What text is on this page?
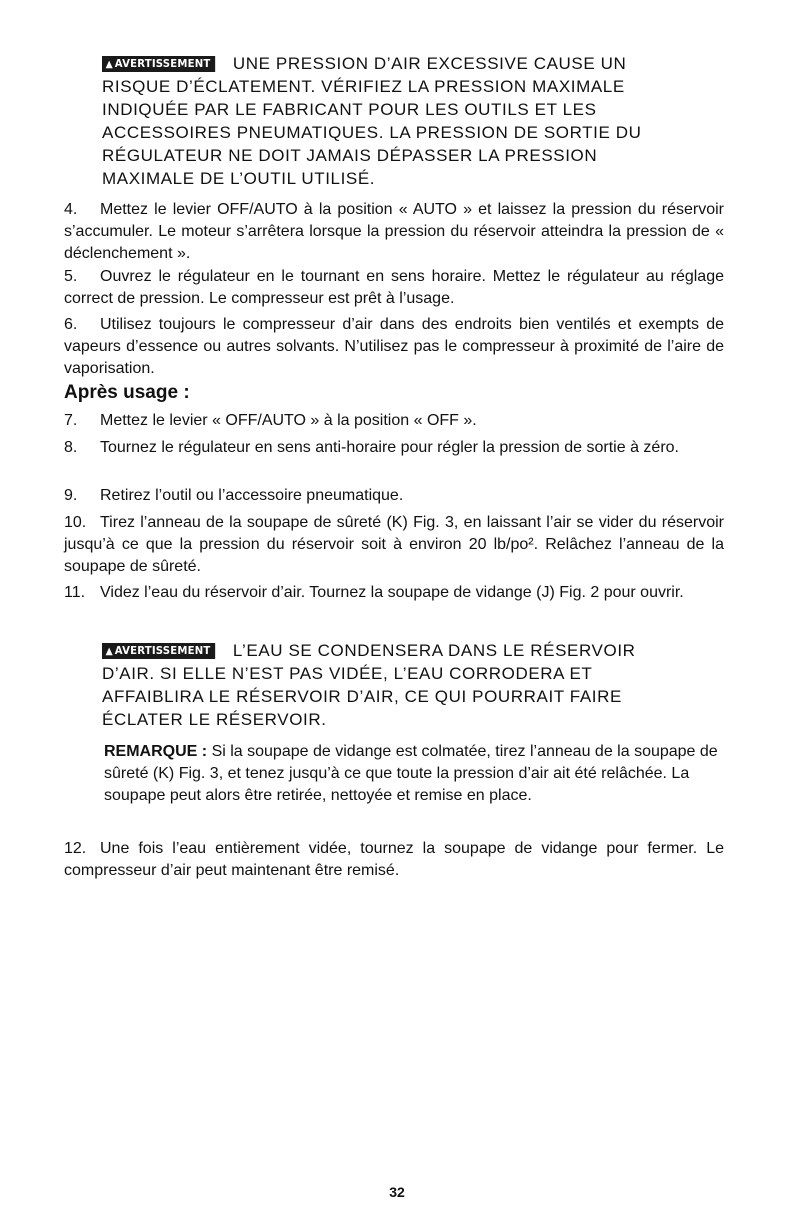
▲ AVERTISSEMENT UNE PRESSION D’AIR EXCESSIVE CAUSE UN RISQUE D’ÉCLATEMENT. VÉRIFIEZ LA PRESSION MAXIMALE INDIQUÉE PAR LE FABRICANT POUR LES OUTILS ET LES ACCESSOIRES PNEUMATIQUES. LA PRESSION DE SORTIE DU RÉGULATEUR NE DOIT JAMAIS DÉPASSER LA PRESSION MAXIMALE DE L’OUTIL UTILISÉ.
4. Mettez le levier OFF/AUTO à la position « AUTO » et laissez la pression du réservoir s’accumuler. Le moteur s’arrêtera lorsque la pression du réservoir atteindra la pression de « déclenchement ».
5. Ouvrez le régulateur en le tournant en sens horaire. Mettez le régulateur au réglage correct de pression. Le compresseur est prêt à l’usage.
6. Utilisez toujours le compresseur d’air dans des endroits bien ventilés et exempts de vapeurs d’essence ou autres solvants. N’utilisez pas le compresseur à proximité de l’aire de vaporisation.
Après usage :
7. Mettez le levier « OFF/AUTO » à la position « OFF ».
8. Tournez le régulateur en sens anti-horaire pour régler la pression de sortie à zéro.
9. Retirez l’outil ou l’accessoire pneumatique.
10. Tirez l’anneau de la soupape de sûreté (K) Fig. 3, en laissant l’air se vider du réservoir jusqu’à ce que la pression du réservoir soit à environ 20 lb/po². Relâchez l’anneau de la soupape de sûreté.
11. Videz l’eau du réservoir d’air. Tournez la soupape de vidange (J) Fig. 2 pour ouvrir.
▲ AVERTISSEMENT L’EAU SE CONDENSERA DANS LE RÉSERVOIR D’AIR. SI ELLE N’EST PAS VIDÉE, L’EAU CORRODERA ET AFFAIBLIRA LE RÉSERVOIR D’AIR, CE QUI POURRAIT FAIRE ÉCLATER LE RÉSERVOIR.
REMARQUE : Si la soupape de vidange est colmatée, tirez l’anneau de la soupape de sûreté (K) Fig. 3, et tenez jusqu’à ce que toute la pression d’air ait été relâchée. La soupape peut alors être retirée, nettoyée et remise en place.
12. Une fois l’eau entièrement vidée, tournez la soupape de vidange pour fermer. Le compresseur d’air peut maintenant être remisé.
32
